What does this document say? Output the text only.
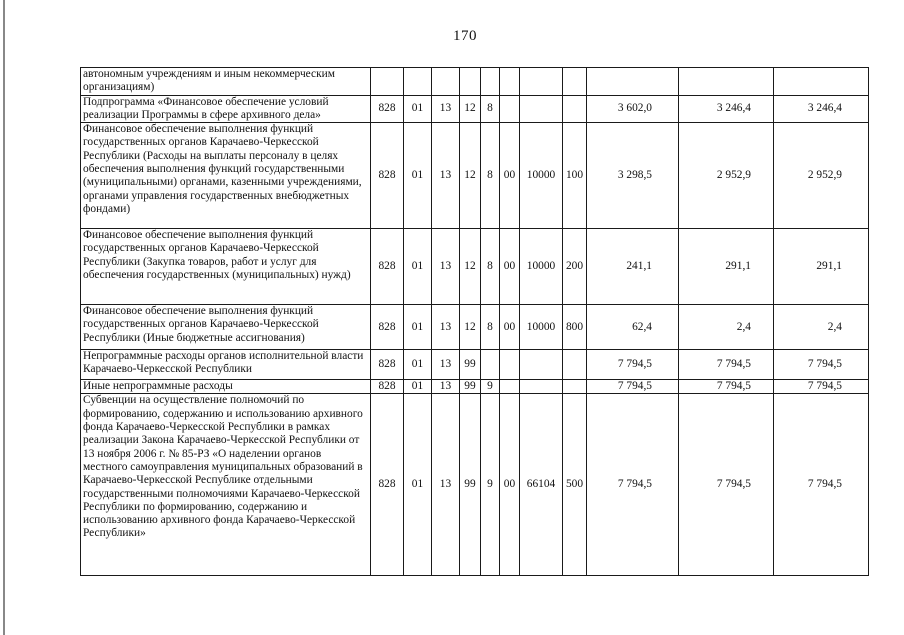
170
автономным учреждениям и иным некоммерческим организациям)											
Подпрограмма «Финансовое обеспечение условий реализации Программы в сфере архивного дела»	828	01	13	12	8				3 602,0	3 246,4	3 246,4
Финансовое обеспечение выполнения функций государственных органов Карачаево-Черкесской Республики (Расходы на выплаты персоналу в целях обеспечения выполнения функций государственными (муниципальными) органами, казенными учреждениями, органами управления государственных внебюджетных фондами)	828	01	13	12	8	00	10000	100	3 298,5	2 952,9	2 952,9
Финансовое обеспечение выполнения функций государственных органов Карачаево-Черкесской Республики (Закупка товаров, работ и услуг для обеспечения государственных (муниципальных) нужд)	828	01	13	12	8	00	10000	200	241,1	291,1	291,1
Финансовое обеспечение выполнения функций государственных органов Карачаево-Черкесской Республики (Иные бюджетные ассигнования)	828	01	13	12	8	00	10000	800	62,4	2,4	2,4
Непрограммные расходы органов исполнительной власти Карачаево-Черкесской Республики	828	01	13	99					7 794,5	7 794,5	7 794,5
Иные непрограммные расходы	828	01	13	99	9				7 794,5	7 794,5	7 794,5
Субвенции на осуществление полномочий по формированию, содержанию и использованию архивного фонда Карачаево-Черкесской Республики в рамках реализации Закона Карачаево-Черкесской Республики от 13 ноября 2006 г. № 85-РЗ «О наделении органов местного самоуправления муниципальных образований в Карачаево-Черкесской Республике отдельными государственными полномочиями Карачаево-Черкесской Республики по формированию, содержанию и использованию архивного фонда Карачаево-Черкесской Республики»	828	01	13	99	9	00	66104	500	7 794,5	7 794,5	7 794,5
